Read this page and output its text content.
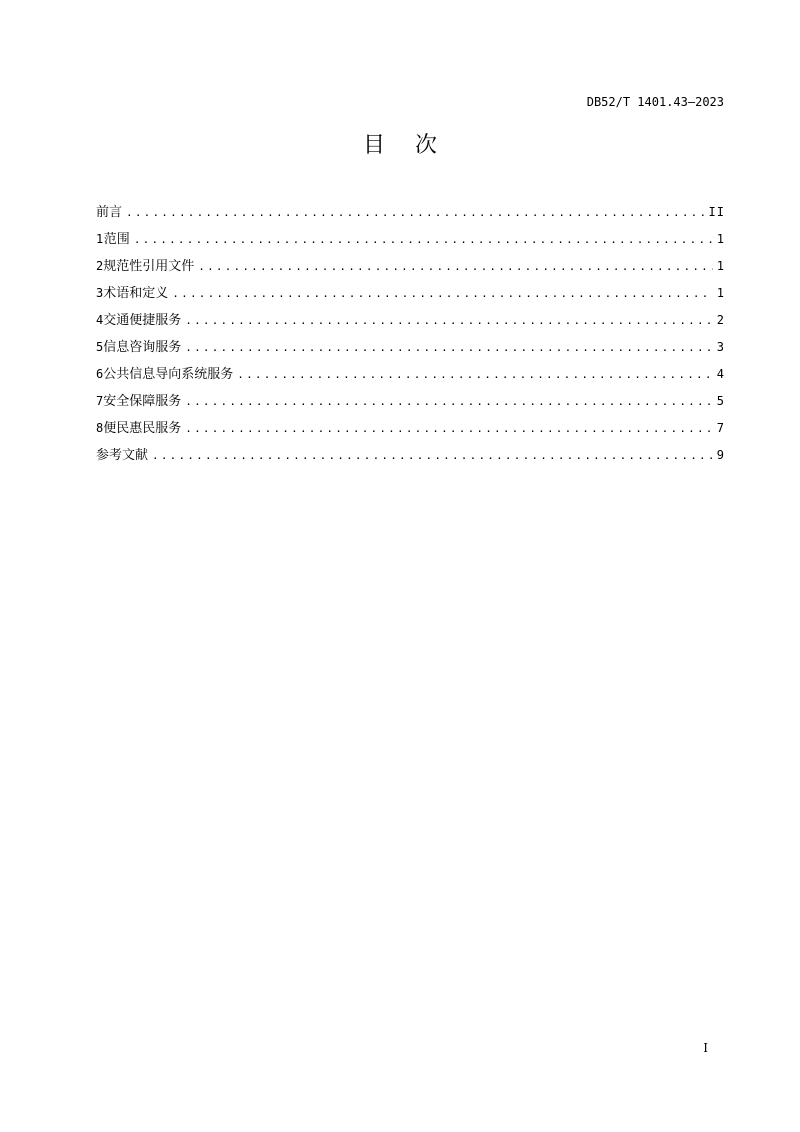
DB52/T 1401.43—2023
目次
前言 .....	II
1 范围 .....	1
2 规范性引用文件 .....	1
3 术语和定义 .....	1
4 交通便捷服务 .....	2
5 信息咨询服务 .....	3
6 公共信息导向系统服务 .....	4
7 安全保障服务 .....	5
8 便民惠民服务 .....	7
参考文献 .....	9
I
